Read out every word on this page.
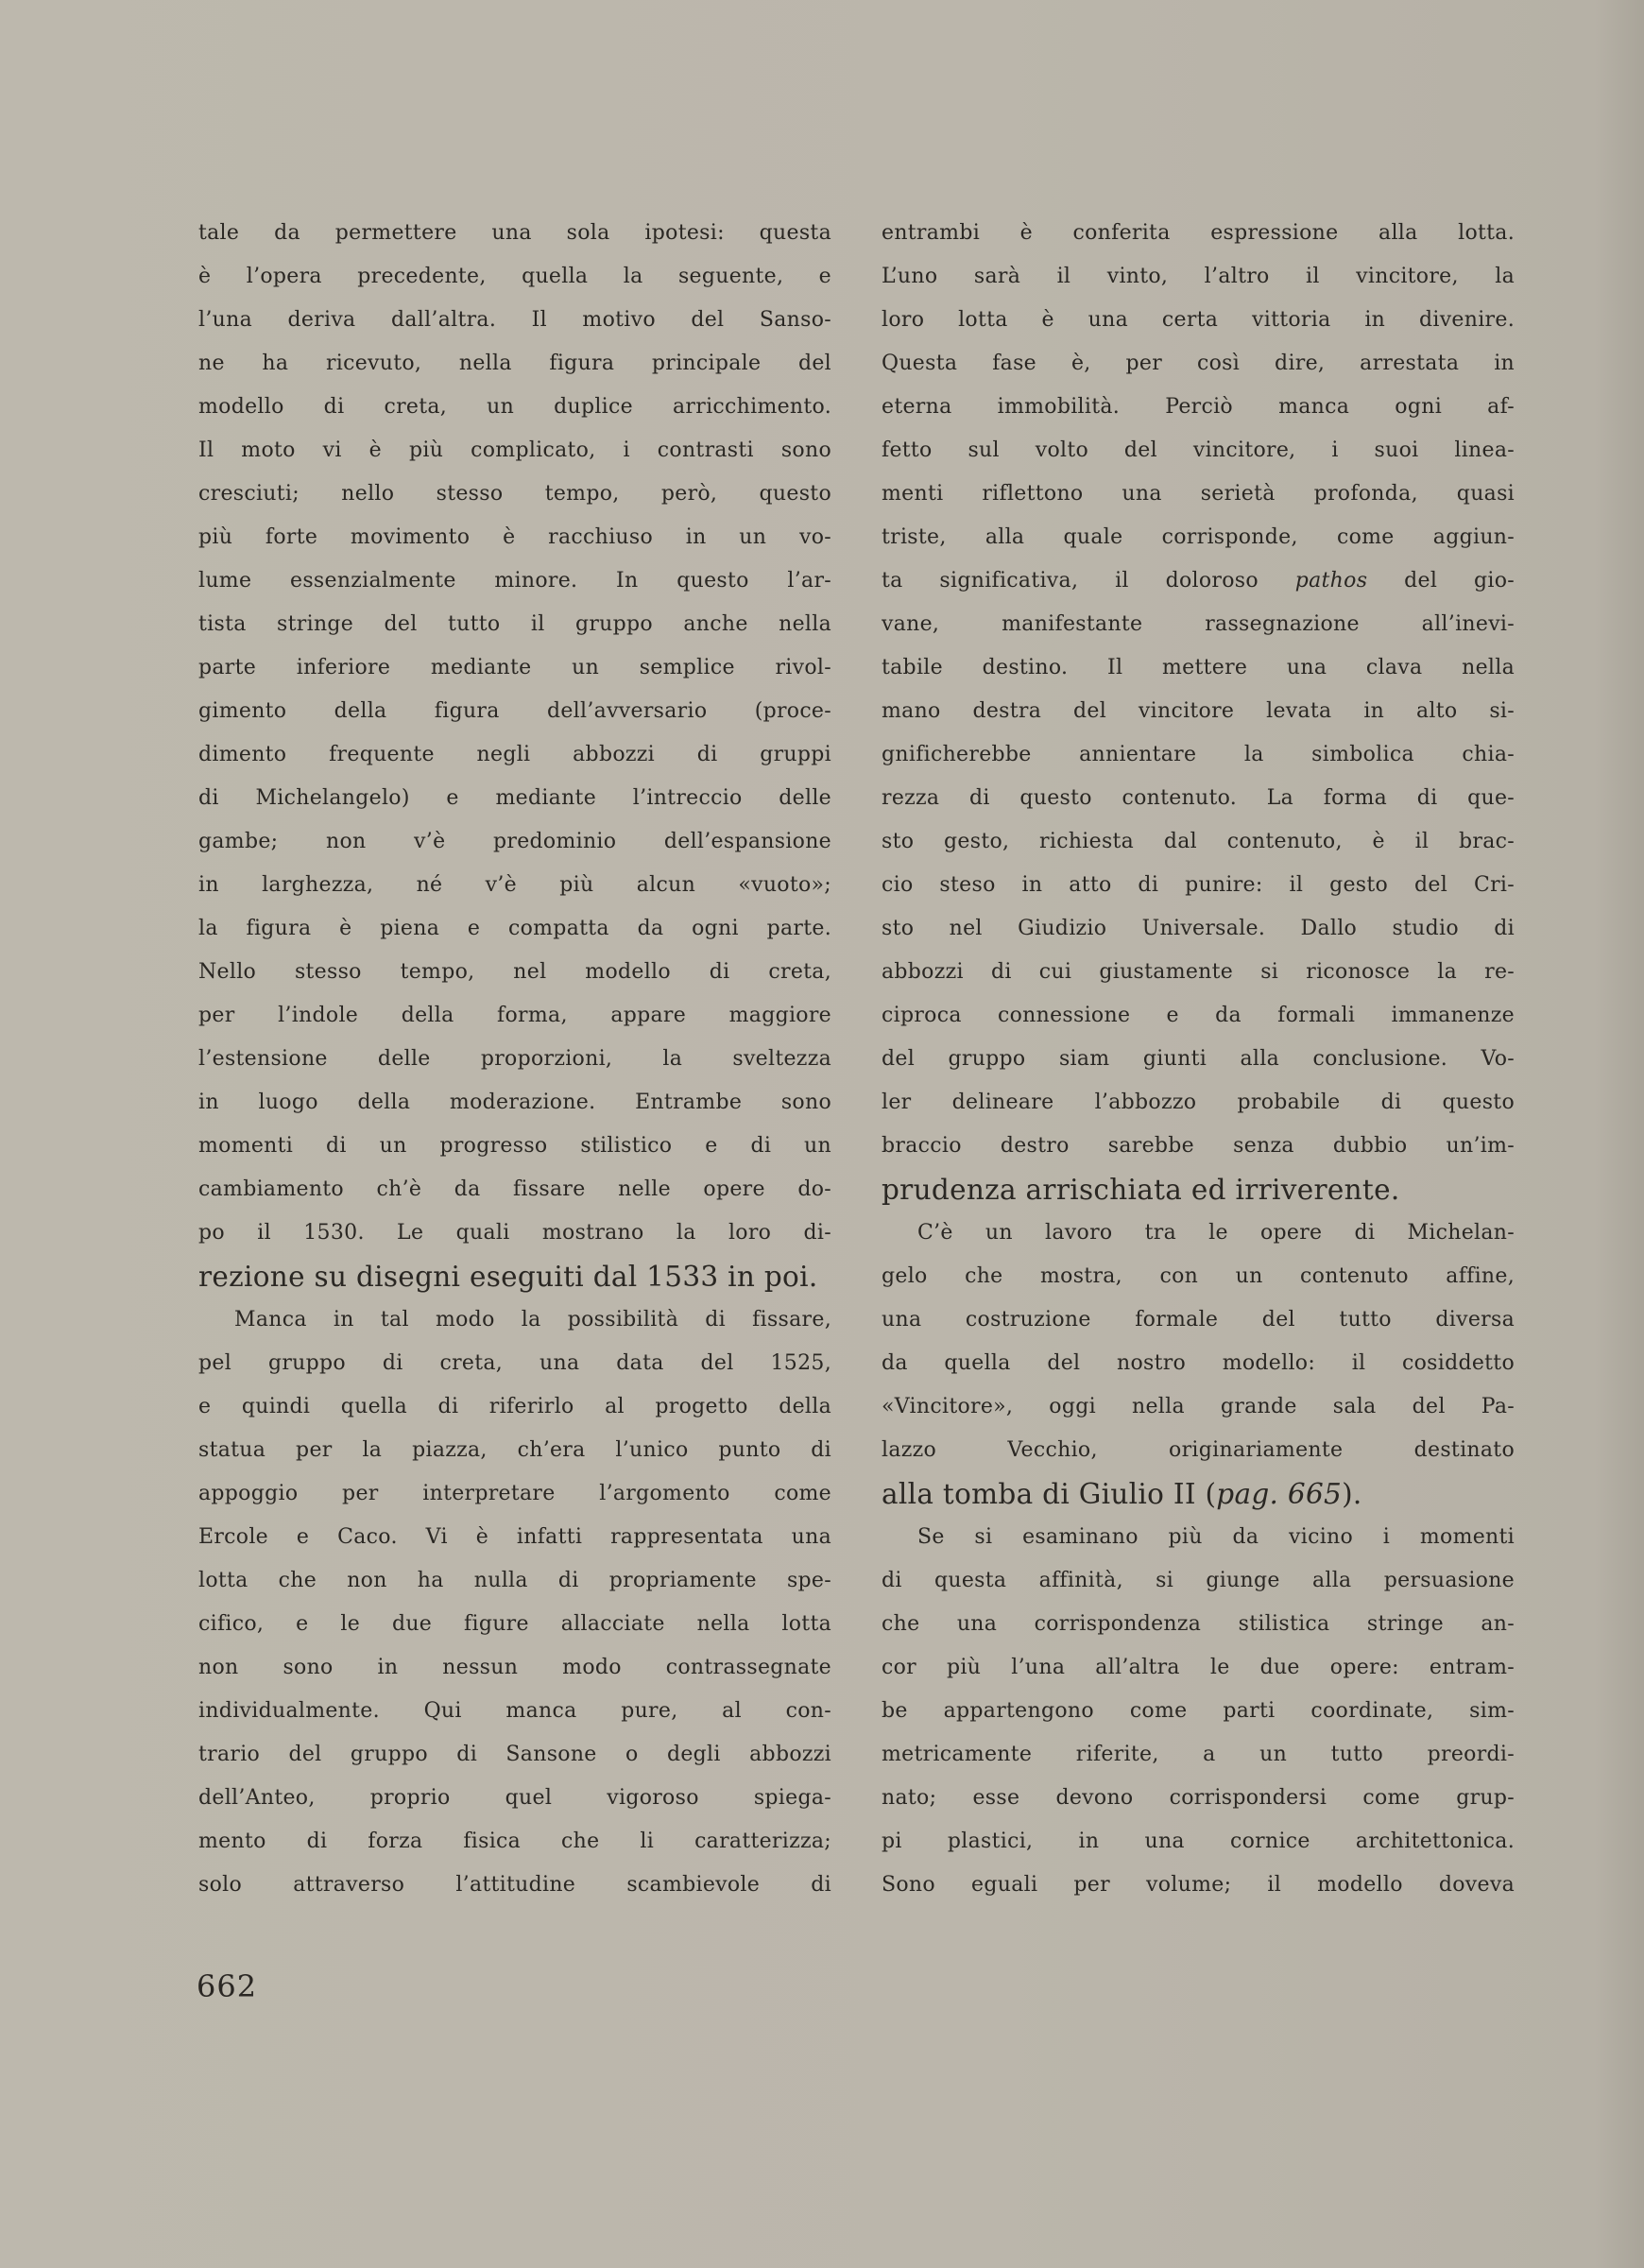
tale da permettere una sola ipotesi: questa
è l’opera precedente, quella la seguente, e
l’una deriva dall’altra. Il motivo del Sanso-
ne ha ricevuto, nella figura principale del
modello di creta, un duplice arricchimento.
Il moto vi è più complicato, i contrasti sono
cresciuti; nello stesso tempo, però, questo
più forte movimento è racchiuso in un vo-
lume essenzialmente minore. In questo l’ar-
tista stringe del tutto il gruppo anche nella
parte inferiore mediante un semplice rivol-
gimento della figura dell’avversario (proce-
dimento frequente negli abbozzi di gruppi
di Michelangelo) e mediante l’intreccio delle
gambe; non v’è predominio dell’espansione
in larghezza, né v’è più alcun «vuoto»;
la figura è piena e compatta da ogni parte.
Nello stesso tempo, nel modello di creta,
per l’indole della forma, appare maggiore
l’estensione delle proporzioni, la sveltezza
in luogo della moderazione. Entrambe sono
momenti di un progresso stilistico e di un
cambiamento ch’è da fissare nelle opere do-
po il 1530. Le quali mostrano la loro di-
rezione su disegni eseguiti dal 1533 in poi.
Manca in tal modo la possibilità di fissare,
pel gruppo di creta, una data del 1525,
e quindi quella di riferirlo al progetto della
statua per la piazza, ch’era l’unico punto di
appoggio per interpretare l’argomento come
Ercole e Caco. Vi è infatti rappresentata una
lotta che non ha nulla di propriamente spe-
cifico, e le due figure allacciate nella lotta
non sono in nessun modo contrassegnate
individualmente. Qui manca pure, al con-
trario del gruppo di Sansone o degli abbozzi
dell’Anteo, proprio quel vigoroso spiega-
mento di forza fisica che li caratterizza;
solo attraverso l’attitudine scambievole di
entrambi è conferita espressione alla lotta.
L’uno sarà il vinto, l’altro il vincitore, la
loro lotta è una certa vittoria in divenire.
Questa fase è, per così dire, arrestata in
eterna immobilità. Perciò manca ogni af-
fetto sul volto del vincitore, i suoi linea-
menti riflettono una serietà profonda, quasi
triste, alla quale corrisponde, come aggiun-
ta significativa, il doloroso pathos del gio-
vane, manifestante rassegnazione all’inevi-
tabile destino. Il mettere una clava nella
mano destra del vincitore levata in alto si-
gnificherebbe annientare la simbolica chia-
rezza di questo contenuto. La forma di que-
sto gesto, richiesta dal contenuto, è il brac-
cio steso in atto di punire: il gesto del Cri-
sto nel Giudizio Universale. Dallo studio di
abbozzi di cui giustamente si riconosce la re-
ciproca connessione e da formali immanenze
del gruppo siam giunti alla conclusione. Vo-
ler delineare l’abbozzo probabile di questo
braccio destro sarebbe senza dubbio un’im-
prudenza arrischiata ed irriverente.
C’è un lavoro tra le opere di Michelan-
gelo che mostra, con un contenuto affine,
una costruzione formale del tutto diversa
da quella del nostro modello: il cosiddetto
«Vincitore», oggi nella grande sala del Pa-
lazzo Vecchio, originariamente destinato
alla tomba di Giulio II (pag. 665).
Se si esaminano più da vicino i momenti
di questa affinità, si giunge alla persuasione
che una corrispondenza stilistica stringe an-
cor più l’una all’altra le due opere: entram-
be appartengono come parti coordinate, sim-
metricamente riferite, a un tutto preordi-
nato; esse devono corrispondersi come grup-
pi plastici, in una cornice architettonica.
Sono eguali per volume; il modello doveva
662
